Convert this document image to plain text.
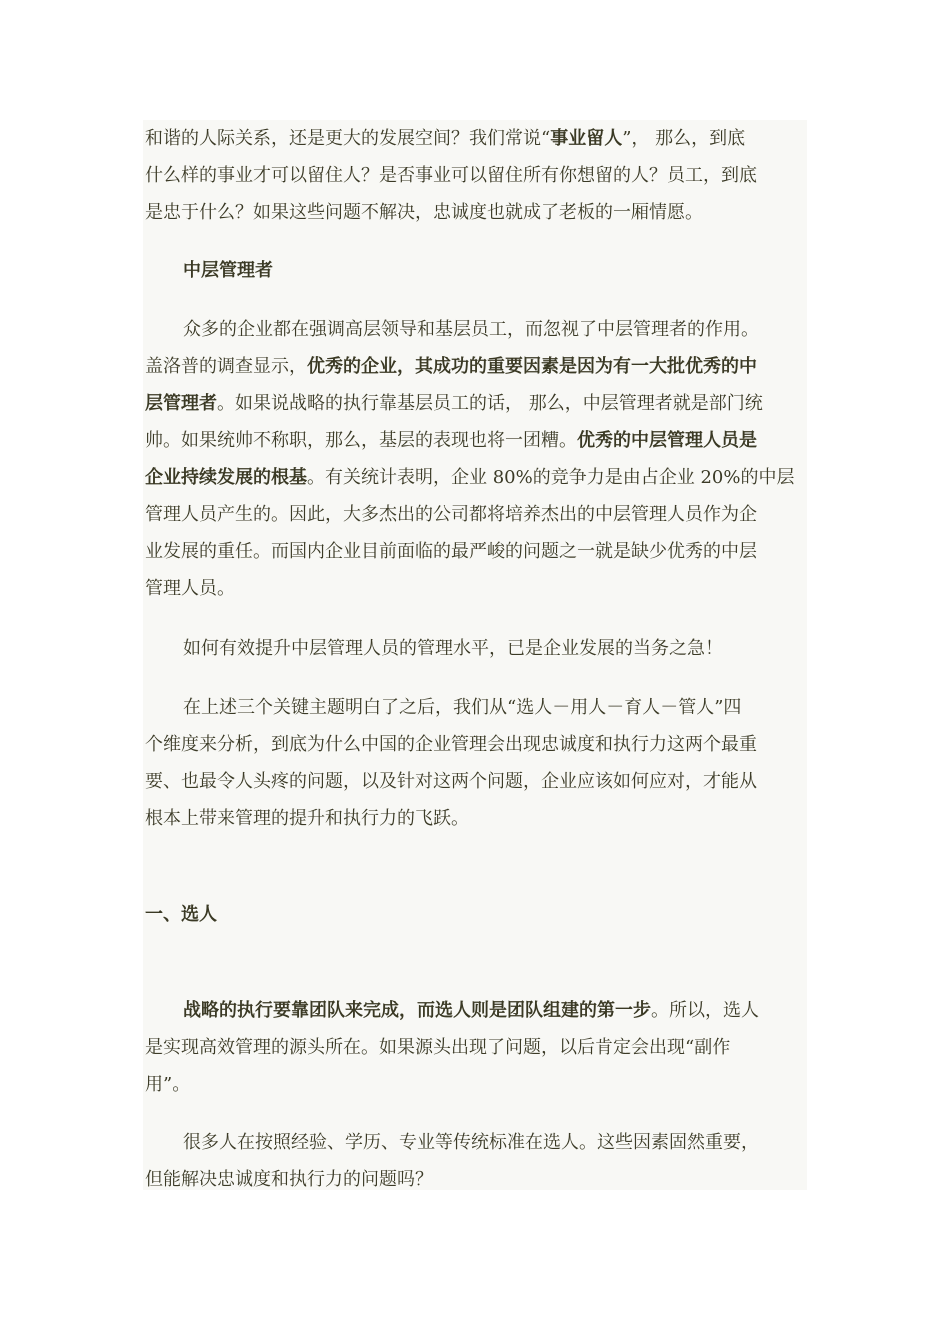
和谐的人际关系，还是更大的发展空间？我们常说“事业留人”， 那么，到底
什么样的事业才可以留住人？是否事业可以留住所有你想留的人？员工，到底
是忠于什么？如果这些问题不解决，忠诚度也就成了老板的一厢情愿。
中层管理者
众多的企业都在强调高层领导和基层员工，而忽视了中层管理者的作用。
盖洛普的调查显示，优秀的企业，其成功的重要因素是因为有一大批优秀的中
层管理者。如果说战略的执行靠基层员工的话， 那么，中层管理者就是部门统
帅。如果统帅不称职，那么，基层的表现也将一团糟。优秀的中层管理人员是
企业持续发展的根基。有关统计表明，企业 80%的竞争力是由占企业 20%的中层
管理人员产生的。因此，大多杰出的公司都将培养杰出的中层管理人员作为企
业发展的重任。而国内企业目前面临的最严峻的问题之一就是缺少优秀的中层
管理人员。
如何有效提升中层管理人员的管理水平，已是企业发展的当务之急！
在上述三个关键主题明白了之后，我们从“选人－用人－育人－管人”四
个维度来分析，到底为什么中国的企业管理会出现忠诚度和执行力这两个最重
要、也最令人头疼的问题，以及针对这两个问题，企业应该如何应对，才能从
根本上带来管理的提升和执行力的飞跃。
一、选人
战略的执行要靠团队来完成，而选人则是团队组建的第一步。所以，选人
是实现高效管理的源头所在。如果源头出现了问题，以后肯定会出现“副作
用”。
很多人在按照经验、学历、专业等传统标准在选人。这些因素固然重要，
但能解决忠诚度和执行力的问题吗？
